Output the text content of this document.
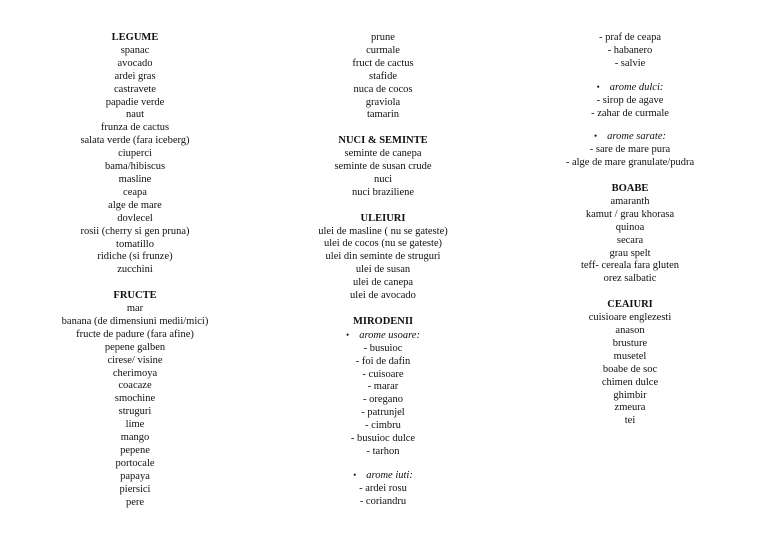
LEGUME
spanac
avocado
ardei gras
castravete
papadie verde
naut
frunza de cactus
salata verde (fara iceberg)
ciuperci
bama/hibiscus
masline
ceapa
alge de mare
dovlecel
rosii (cherry si gen pruna)
tomatillo
ridiche (si frunze)
zucchini
FRUCTE
mar
banana (de dimensiuni medii/mici)
fructe de padure (fara afine)
pepene galben
cirese/ visine
cherimoya
coacaze
smochine
struguri
lime
mango
pepene
portocale
papaya
piersici
pere
prune
curmale
fruct de cactus
stafide
nuca de cocos
graviola
tamarin
NUCI & SEMINTE
seminte de canepa
seminte de susan crude
nuci
nuci braziliene
ULEIURI
ulei de masline ( nu se gateste)
ulei de cocos (nu se gateste)
ulei din seminte de struguri
ulei de susan
ulei de canepa
ulei de avocado
MIRODENII
• arome usoare:
- busuioc
- foi de dafin
- cuisoare
- marar
- oregano
- patrunjel
- cimbru
- busuioc dulce
- tarhon
• arome iuti:
- ardei rosu
- coriandru
- praf de ceapa
- habanero
- salvie
• arome dulci:
- sirop de agave
- zahar de curmale
• arome sarate:
- sare de mare pura
- alge de mare granulate/pudra
BOABE
amaranth
kamut / grau khorasa
quinoa
secara
grau spelt
teff- cereala fara gluten
orez salbatic
CEAIURI
cuisioare englezesti
anason
brusture
musetel
boabe de soc
chimen dulce
ghimbir
zmeura
tei
